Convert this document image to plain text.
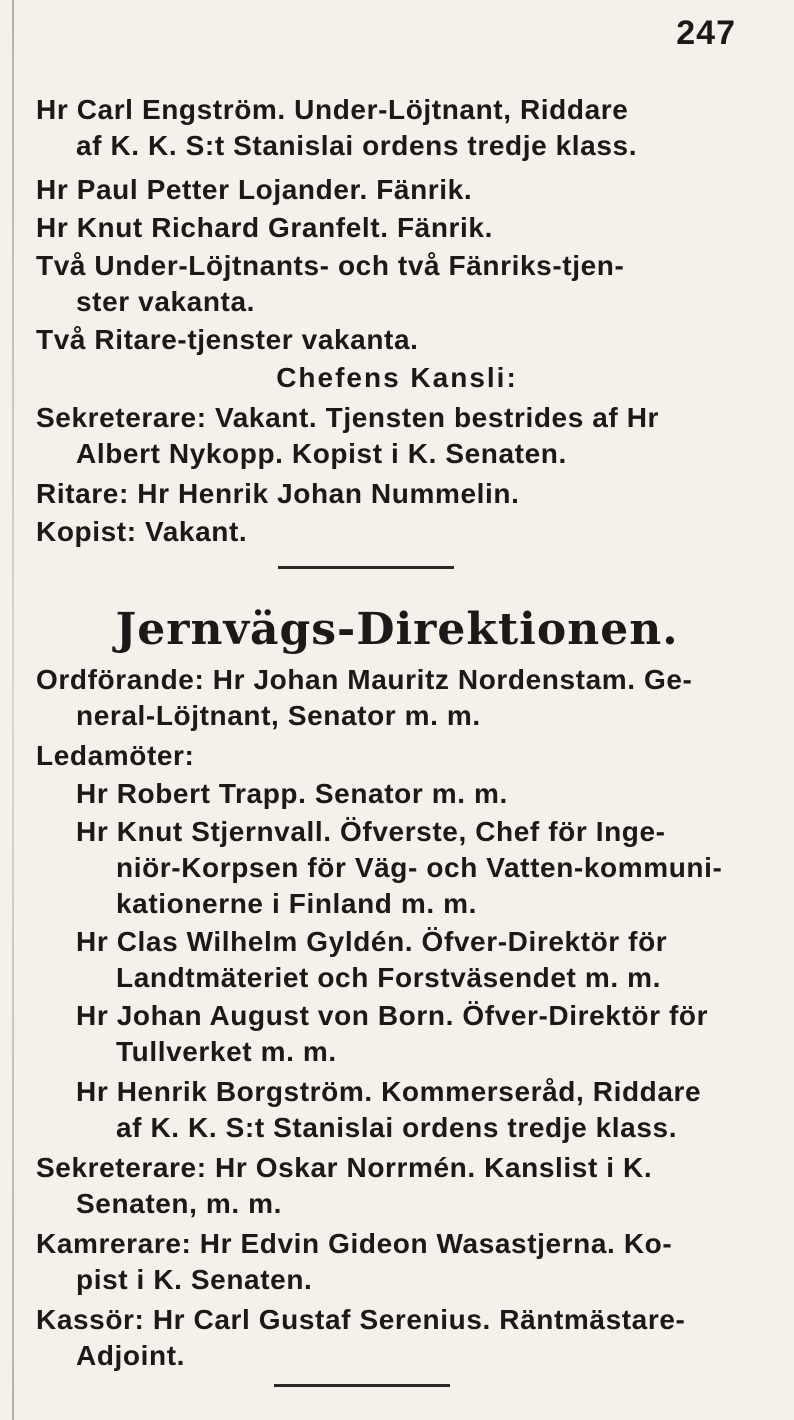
247
Hr Carl Engström. Under-Löjtnant, Riddare
af K. K. S:t Stanislai ordens tredje klass.
Hr Paul Petter Lojander. Fänrik.
Hr Knut Richard Granfelt. Fänrik.
Två Under-Löjtnants- och två Fänriks-tjen-
ster vakanta.
Två Ritare-tjenster vakanta.
Chefens Kansli:
Sekreterare: Vakant. Tjensten bestrides af Hr
Albert Nykopp. Kopist i K. Senaten.
Ritare: Hr Henrik Johan Nummelin.
Kopist: Vakant.
Jernvägs-Direktionen.
Ordförande: Hr Johan Mauritz Nordenstam. Ge-
neral-Löjtnant, Senator m. m.
Ledamöter:
Hr Robert Trapp. Senator m. m.
Hr Knut Stjernvall. Öfverste, Chef för Inge-
niör-Korpsen för Väg- och Vatten-kommuni-
kationerne i Finland m. m.
Hr Clas Wilhelm Gyldén. Öfver-Direktör för
Landtmäteriet och Forstväsendet m. m.
Hr Johan August von Born. Öfver-Direktör för
Tullverket m. m.
Hr Henrik Borgström. Kommerseråd, Riddare
af K. K. S:t Stanislai ordens tredje klass.
Sekreterare: Hr Oskar Norrmén. Kanslist i K.
Senaten, m. m.
Kamrerare: Hr Edvin Gideon Wasastjerna. Ko-
pist i K. Senaten.
Kassör: Hr Carl Gustaf Serenius. Räntmästare-
Adjoint.
